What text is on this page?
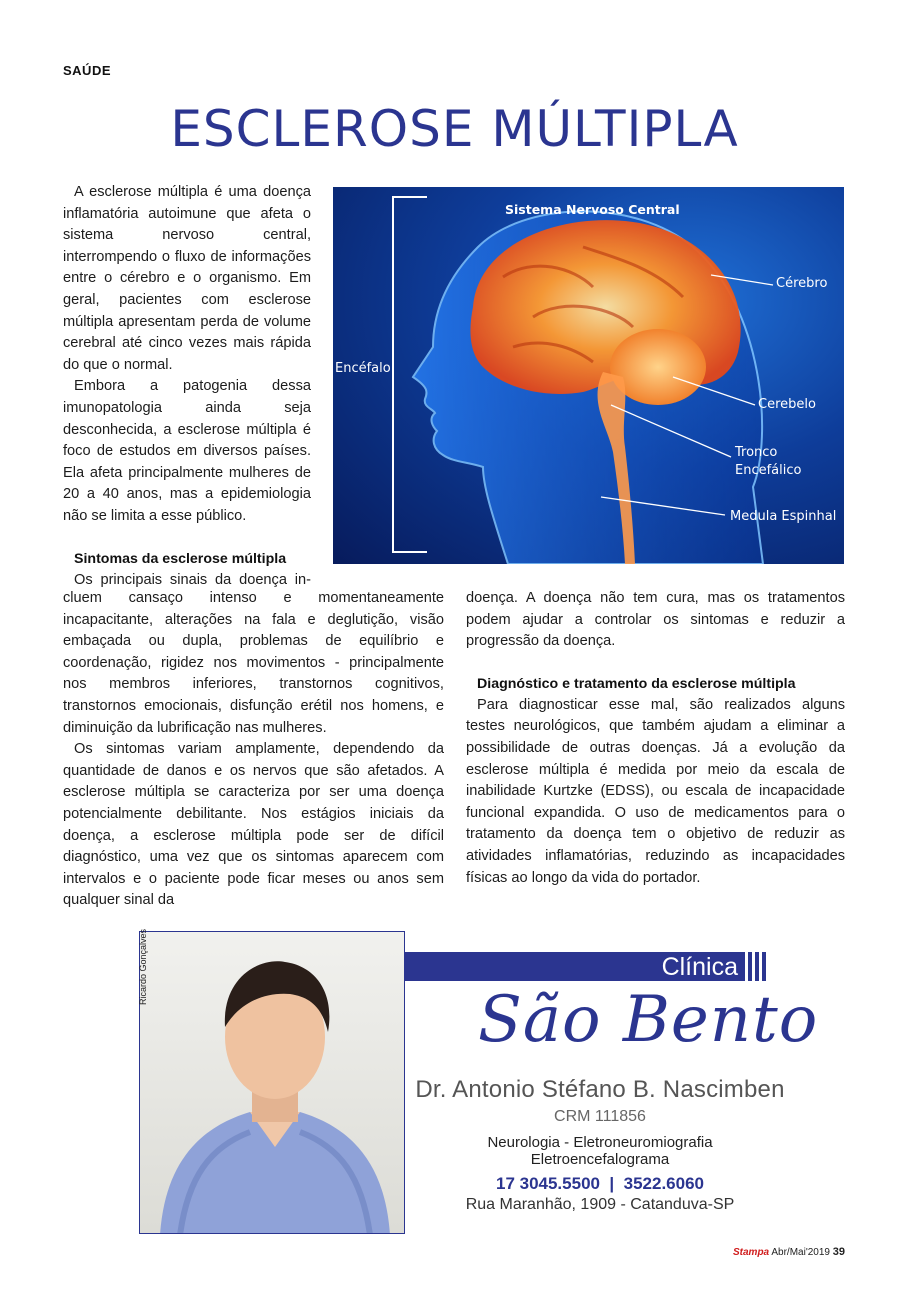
SAÚDE
ESCLEROSE MÚLTIPLA

A esclerose múltipla é uma doença inflamatória autoimune que afeta o sistema nervoso central, interrompendo o fluxo de informações entre o cérebro e o organismo. Em geral, pacientes com esclerose múltipla apresentam perda de volume cerebral até cinco vezes mais rápida do que o normal.

Embora a patogenia dessa imunopatologia ainda seja desconhecida, a esclerose múltipla é foco de estudos em diversos países. Ela afeta principalmente mulheres de 20 a 40 anos, mas a epidemiologia não se limita a esse público.

Sintomas da esclerose múltipla

Os principais sinais da doença in-

cluem cansaço intenso e momentaneamente incapacitante, alterações na fala e deglutição, visão embaçada ou dupla, problemas de equilíbrio e coordenação, rigidez nos movimentos - principalmente nos membros inferiores, transtornos cognitivos, transtornos emocionais, disfunção erétil nos homens, e diminuição da lubrificação nas mulheres.

Os sintomas variam amplamente, dependendo da quantidade de danos e os nervos que são afetados. A esclerose múltipla se caracteriza por ser uma doença potencialmente debilitante. Nos estágios iniciais da doença, a esclerose múltipla pode ser de difícil diagnóstico, uma vez que os sintomas aparecem com intervalos e o paciente pode ficar meses ou anos sem qualquer sinal da

doença. A doença não tem cura, mas os tratamentos podem ajudar a controlar os sintomas e reduzir a progressão da doença.

Diagnóstico e tratamento da esclerose múltipla

Para diagnosticar esse mal, são realizados alguns testes neurológicos, que também ajudam a eliminar a possibilidade de outras doenças. Já a evolução da esclerose múltipla é medida por meio da escala de inabilidade Kurtzke (EDSS), ou escala de incapacidade funcional expandida. O uso de medicamentos para o tratamento da doença tem o objetivo de reduzir as atividades inflamatórias, reduzindo as incapacidades físicas ao longo da vida do portador.

Sistema Nervoso Central
Cérebro
Encéfalo
Cerebelo
Tronco
Encefálico
Medula Espinhal
Ricardo Gonçalves	Clínica
São Bento
Dr. Antonio Stéfano B. Nascimben
CRM 111856
Neurologia - Eletroneuromiografia
Eletroencefalograma
17 3045.5500  |  3522.6060
Rua Maranhão, 1909 - Catanduva-SP
Stampa Abr/Mai'2019 39
